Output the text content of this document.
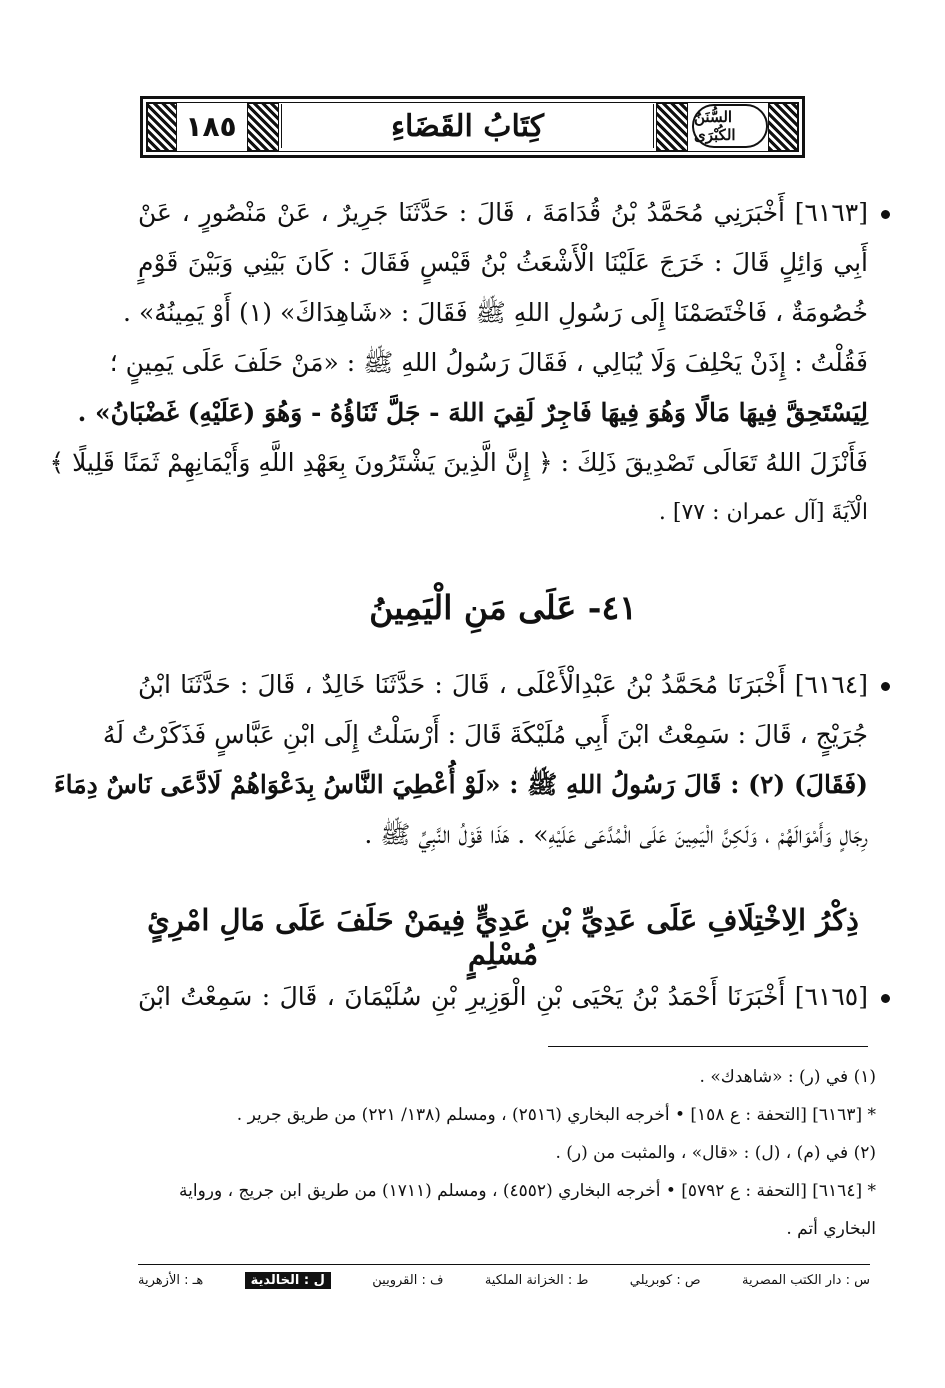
١٨٥	كِتَابُ القَضَاءِ	السُّنَنُ الكُبْرَى
[٦١٦٣] أَخْبَرَنِي مُحَمَّدُ بْنُ قُدَامَةَ ، قَالَ : حَدَّثَنَا جَرِيرٌ ، عَنْ مَنْصُورٍ ، عَنْ
أَبِي وَائِلٍ قَالَ : خَرَجَ عَلَيْنَا الْأَشْعَثُ بْنُ قَيْسٍ فَقَالَ : كَانَ بَيْنِي وَبَيْنَ قَوْمٍ
خُصُومَةٌ ، فَاخْتَصَمْنَا إِلَى رَسُولِ اللهِ ﷺ فَقَالَ : «شَاهِدَاكَ» (١) أَوْ يَمِينُهُ» .
فَقُلْتُ : إِذَنْ يَحْلِفَ وَلَا يُبَالِي ، فَقَالَ رَسُولُ اللهِ ﷺ : «مَنْ حَلَفَ عَلَى يَمِينٍ ؛
لِيَسْتَحِقَّ فِيهَا مَالًا وَهُوَ فِيهَا فَاجِرٌ لَقِيَ اللهَ - جَلَّ ثَنَاؤُهُ - وَهُوَ (عَلَيْهِ) غَضْبَانُ» .
فَأَنْزَلَ اللهُ تَعَالَى تَصْدِيقَ ذَلِكَ : ﴿ إِنَّ الَّذِينَ يَشْتَرُونَ بِعَهْدِ اللَّهِ وَأَيْمَانِهِمْ ثَمَنًا قَلِيلًا ﴾
الْآيَةَ [آل عمران : ٧٧] .
٤١- عَلَى مَنِ الْيَمِينُ
[٦١٦٤] أَخْبَرَنَا مُحَمَّدُ بْنُ عَبْدِالْأَعْلَى ، قَالَ : حَدَّثَنَا خَالِدٌ ، قَالَ : حَدَّثَنَا ابْنُ
جُرَيْجٍ ، قَالَ : سَمِعْتُ ابْنَ أَبِي مُلَيْكَةَ قَالَ : أَرْسَلْتُ إِلَى ابْنِ عَبَّاسٍ فَذَكَرْتُ لَهُ
(فَقَالَ) (٢) : قَالَ رَسُولُ اللهِ ﷺ : «لَوْ أُعْطِيَ النَّاسُ بِدَعْوَاهُمْ لَادَّعَى نَاسٌ دِمَاءَ
رِجَالٍ وَأَمْوَالَهُمْ ، وَلَكِنَّ الْيَمِينَ عَلَى الْمُدَّعَى عَلَيْهِ» . هَذَا قَوْلُ النَّبِيِّ ﷺ .
ذِكْرُ الِاخْتِلَافِ عَلَى عَدِيِّ بْنِ عَدِيٍّ فِيمَنْ حَلَفَ عَلَى مَالِ امْرِئٍ مُسْلِمٍ
[٦١٦٥] أَخْبَرَنَا أَحْمَدُ بْنُ يَحْيَى بْنِ الْوَزِيرِ بْنِ سُلَيْمَانَ ، قَالَ : سَمِعْتُ ابْنَ
(١) في (ر) : «شاهدك» .
* [٦١٦٣] [التحفة : ع ١٥٨] • أخرجه البخاري (٢٥١٦) ، ومسلم (١٣٨/ ٢٢١) من طريق جرير .
(٢) في (م) ، (ل) : «قال» ، والمثبت من (ر) .
* [٦١٦٤] [التحفة : ع ٥٧٩٢] • أخرجه البخاري (٤٥٥٢) ، ومسلم (١٧١١) من طريق ابن جريج ، ورواية البخاري أتم .
س : دار الكتب المصرية
ص : كوبريلي
ط : الخزانة الملكية
ف : القرويين
ل : الخالدية
هـ : الأزهرية
